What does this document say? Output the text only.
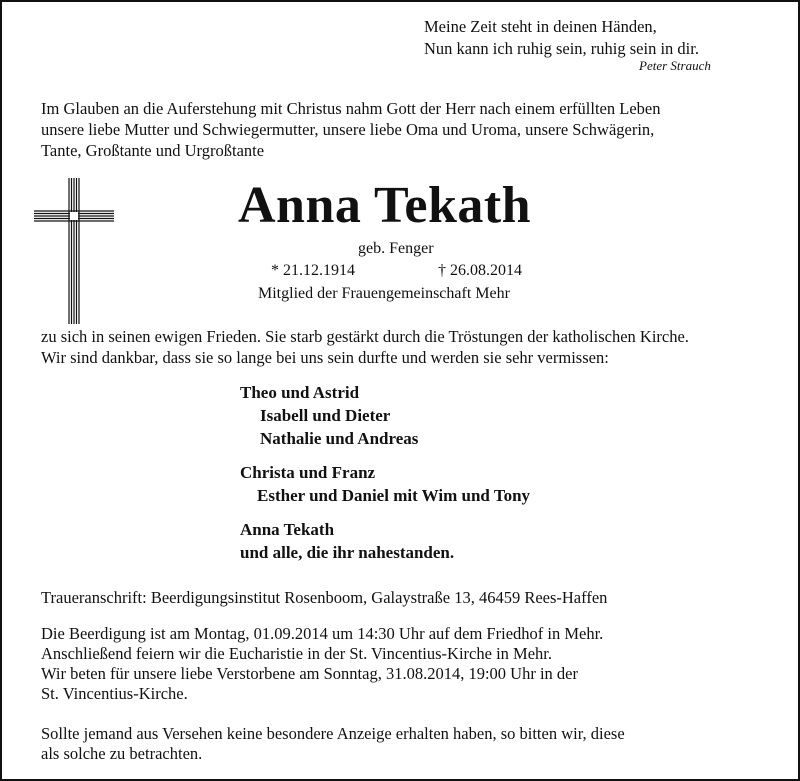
Meine Zeit steht in deinen Händen,
Nun kann ich ruhig sein, ruhig sein in dir.
Peter Strauch
Im Glauben an die Auferstehung mit Christus nahm Gott der Herr nach einem erfüllten Leben
unsere liebe Mutter und Schwiegermutter, unsere liebe Oma und Uroma, unsere Schwägerin,
Tante, Großtante und Urgroßtante
Anna Tekath
geb. Fenger
* 21.12.1914	† 26.08.2014
Mitglied der Frauengemeinschaft Mehr
zu sich in seinen ewigen Frieden. Sie starb gestärkt durch die Tröstungen der katholischen Kirche.
Wir sind dankbar, dass sie so lange bei uns sein durfte und werden sie sehr vermissen:
Theo und Astrid
Isabell und Dieter
Nathalie und Andreas
Christa und Franz
Esther und Daniel mit Wim und Tony
Anna Tekath
und alle, die ihr nahestanden.
Traueranschrift: Beerdigungsinstitut Rosenboom, Galaystraße 13, 46459 Rees-Haffen
Die Beerdigung ist am Montag, 01.09.2014 um 14:30 Uhr auf dem Friedhof in Mehr.
Anschließend feiern wir die Eucharistie in der St. Vincentius-Kirche in Mehr.
Wir beten für unsere liebe Verstorbene am Sonntag, 31.08.2014, 19:00 Uhr in der
St. Vincentius-Kirche.
Sollte jemand aus Versehen keine besondere Anzeige erhalten haben, so bitten wir, diese
als solche zu betrachten.
